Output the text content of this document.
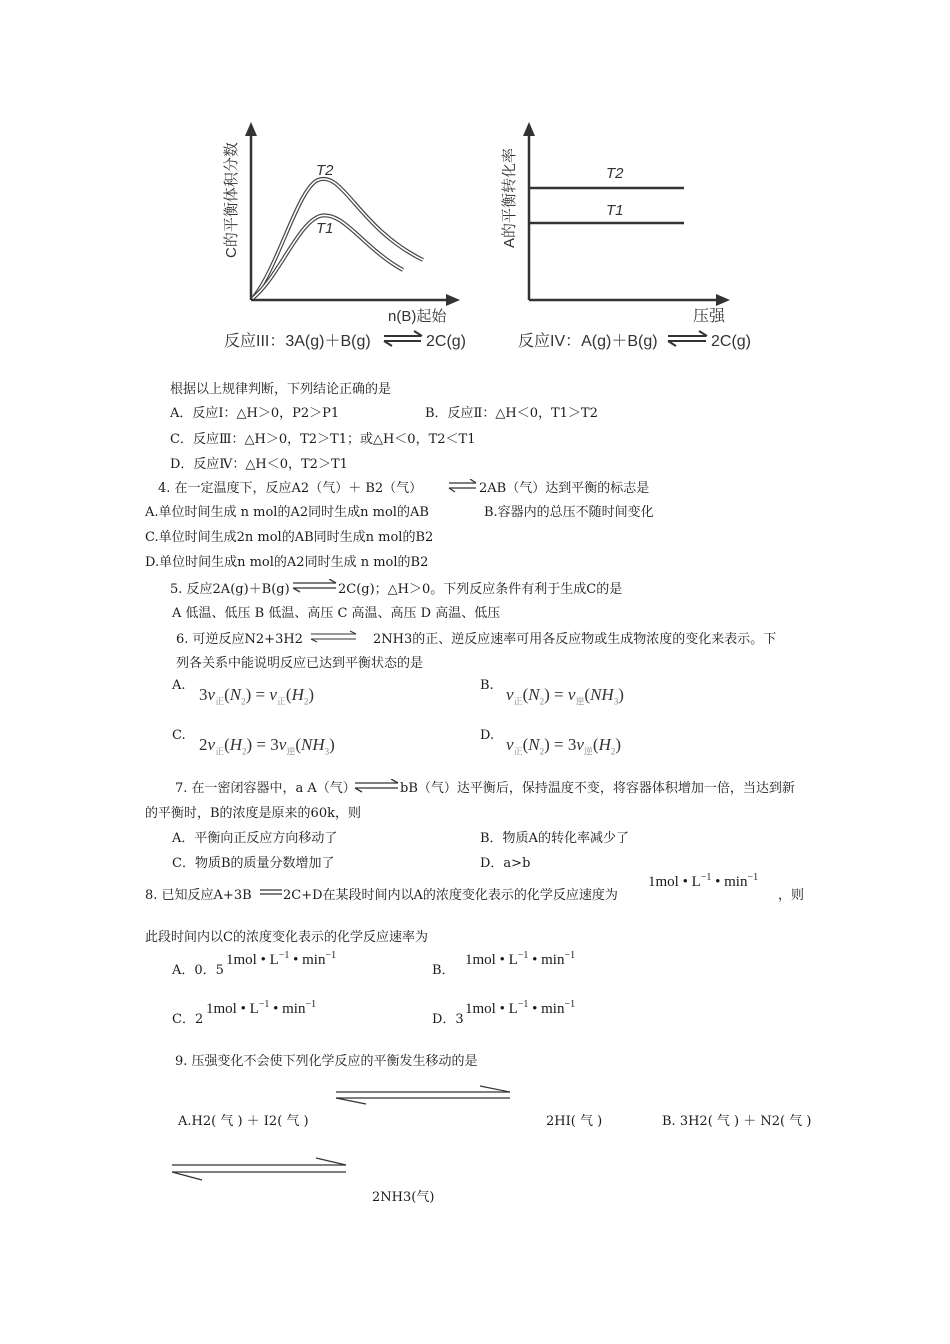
C的平衡体积分数	T2
T1
n(B)起始
反应III：3A(g)＋B(g)	2C(g)
A的平衡转化率	T2
T1
压强
反应IV：A(g)＋B(g)	2C(g)
根据以上规律判断，下列结论正确的是
A．反应Ⅰ：△H＞0，P2＞P1	B．反应Ⅱ：△H＜0，T1＞T2
C．反应Ⅲ：△H＞0，T2＞T1；或△H＜0，T2＜T1
D．反应Ⅳ：△H＜0，T2＞T1
4. 在一定温度下，反应A2（气）＋ B2（气） ⇌ 2AB（气）达到平衡的标志是
A.单位时间生成 n mol的A2同时生成n mol的AB	B.容器内的总压不随时间变化
C.单位时间生成2n mol的AB同时生成n mol的B2
D.单位时间生成n mol的A2同时生成 n mol的B2
5. 反应2A(g)＋B(g) ⇌ 2C(g)；△H＞0。下列反应条件有利于生成C的是
A 低温、低压 B 低温、高压 C 高温、高压 D 高温、低压
6. 可逆反应N2+3H2 ⇌ 2NH3的正、逆反应速率可用各反应物或生成物浓度的变化来表示。下
列各关系中能说明反应已达到平衡状态的是
A. $3v_正(N_2) = v_正(H_2)$	B. $v_正(N_2) = v_逆(NH_3)$
C. $2v_正(H_2) = 3v_逆(NH_3)$	D. $v_正(N_2) = 3v_逆(H_2)$
7. 在一密闭容器中，a A（气） ⇌ bB（气）达平衡后，保持温度不变，将容器体积增加一倍，当达到新
的平衡时，B的浓度是原来的60k，则
A．平衡向正反应方向移动了	B．物质A的转化率减少了
C．物质B的质量分数增加了	D．a>b
8. 已知反应A+3B 2C+D在某段时间内以A的浓度变化表示的化学反应速度为
1mol • $L^{-1}$ • $\min^{-1}$
，则
此段时间内以C的浓度变化表示的化学反应速率为
A．0．5
1mol • $L^{-1}$ • $\min^{-1}$
B．
1mol • $L^{-1}$ • $\min^{-1}$
C．2
1mol • $L^{-1}$ • $\min^{-1}$
D．3
1mol • $L^{-1}$ • $\min^{-1}$
9. 压强变化不会使下列化学反应的平衡发生移动的是
A.H2( 气 ) ＋ I2( 气 )	2HI( 气 )	B. 3H2( 气 ) ＋ N2( 气 )
2NH3(气)
